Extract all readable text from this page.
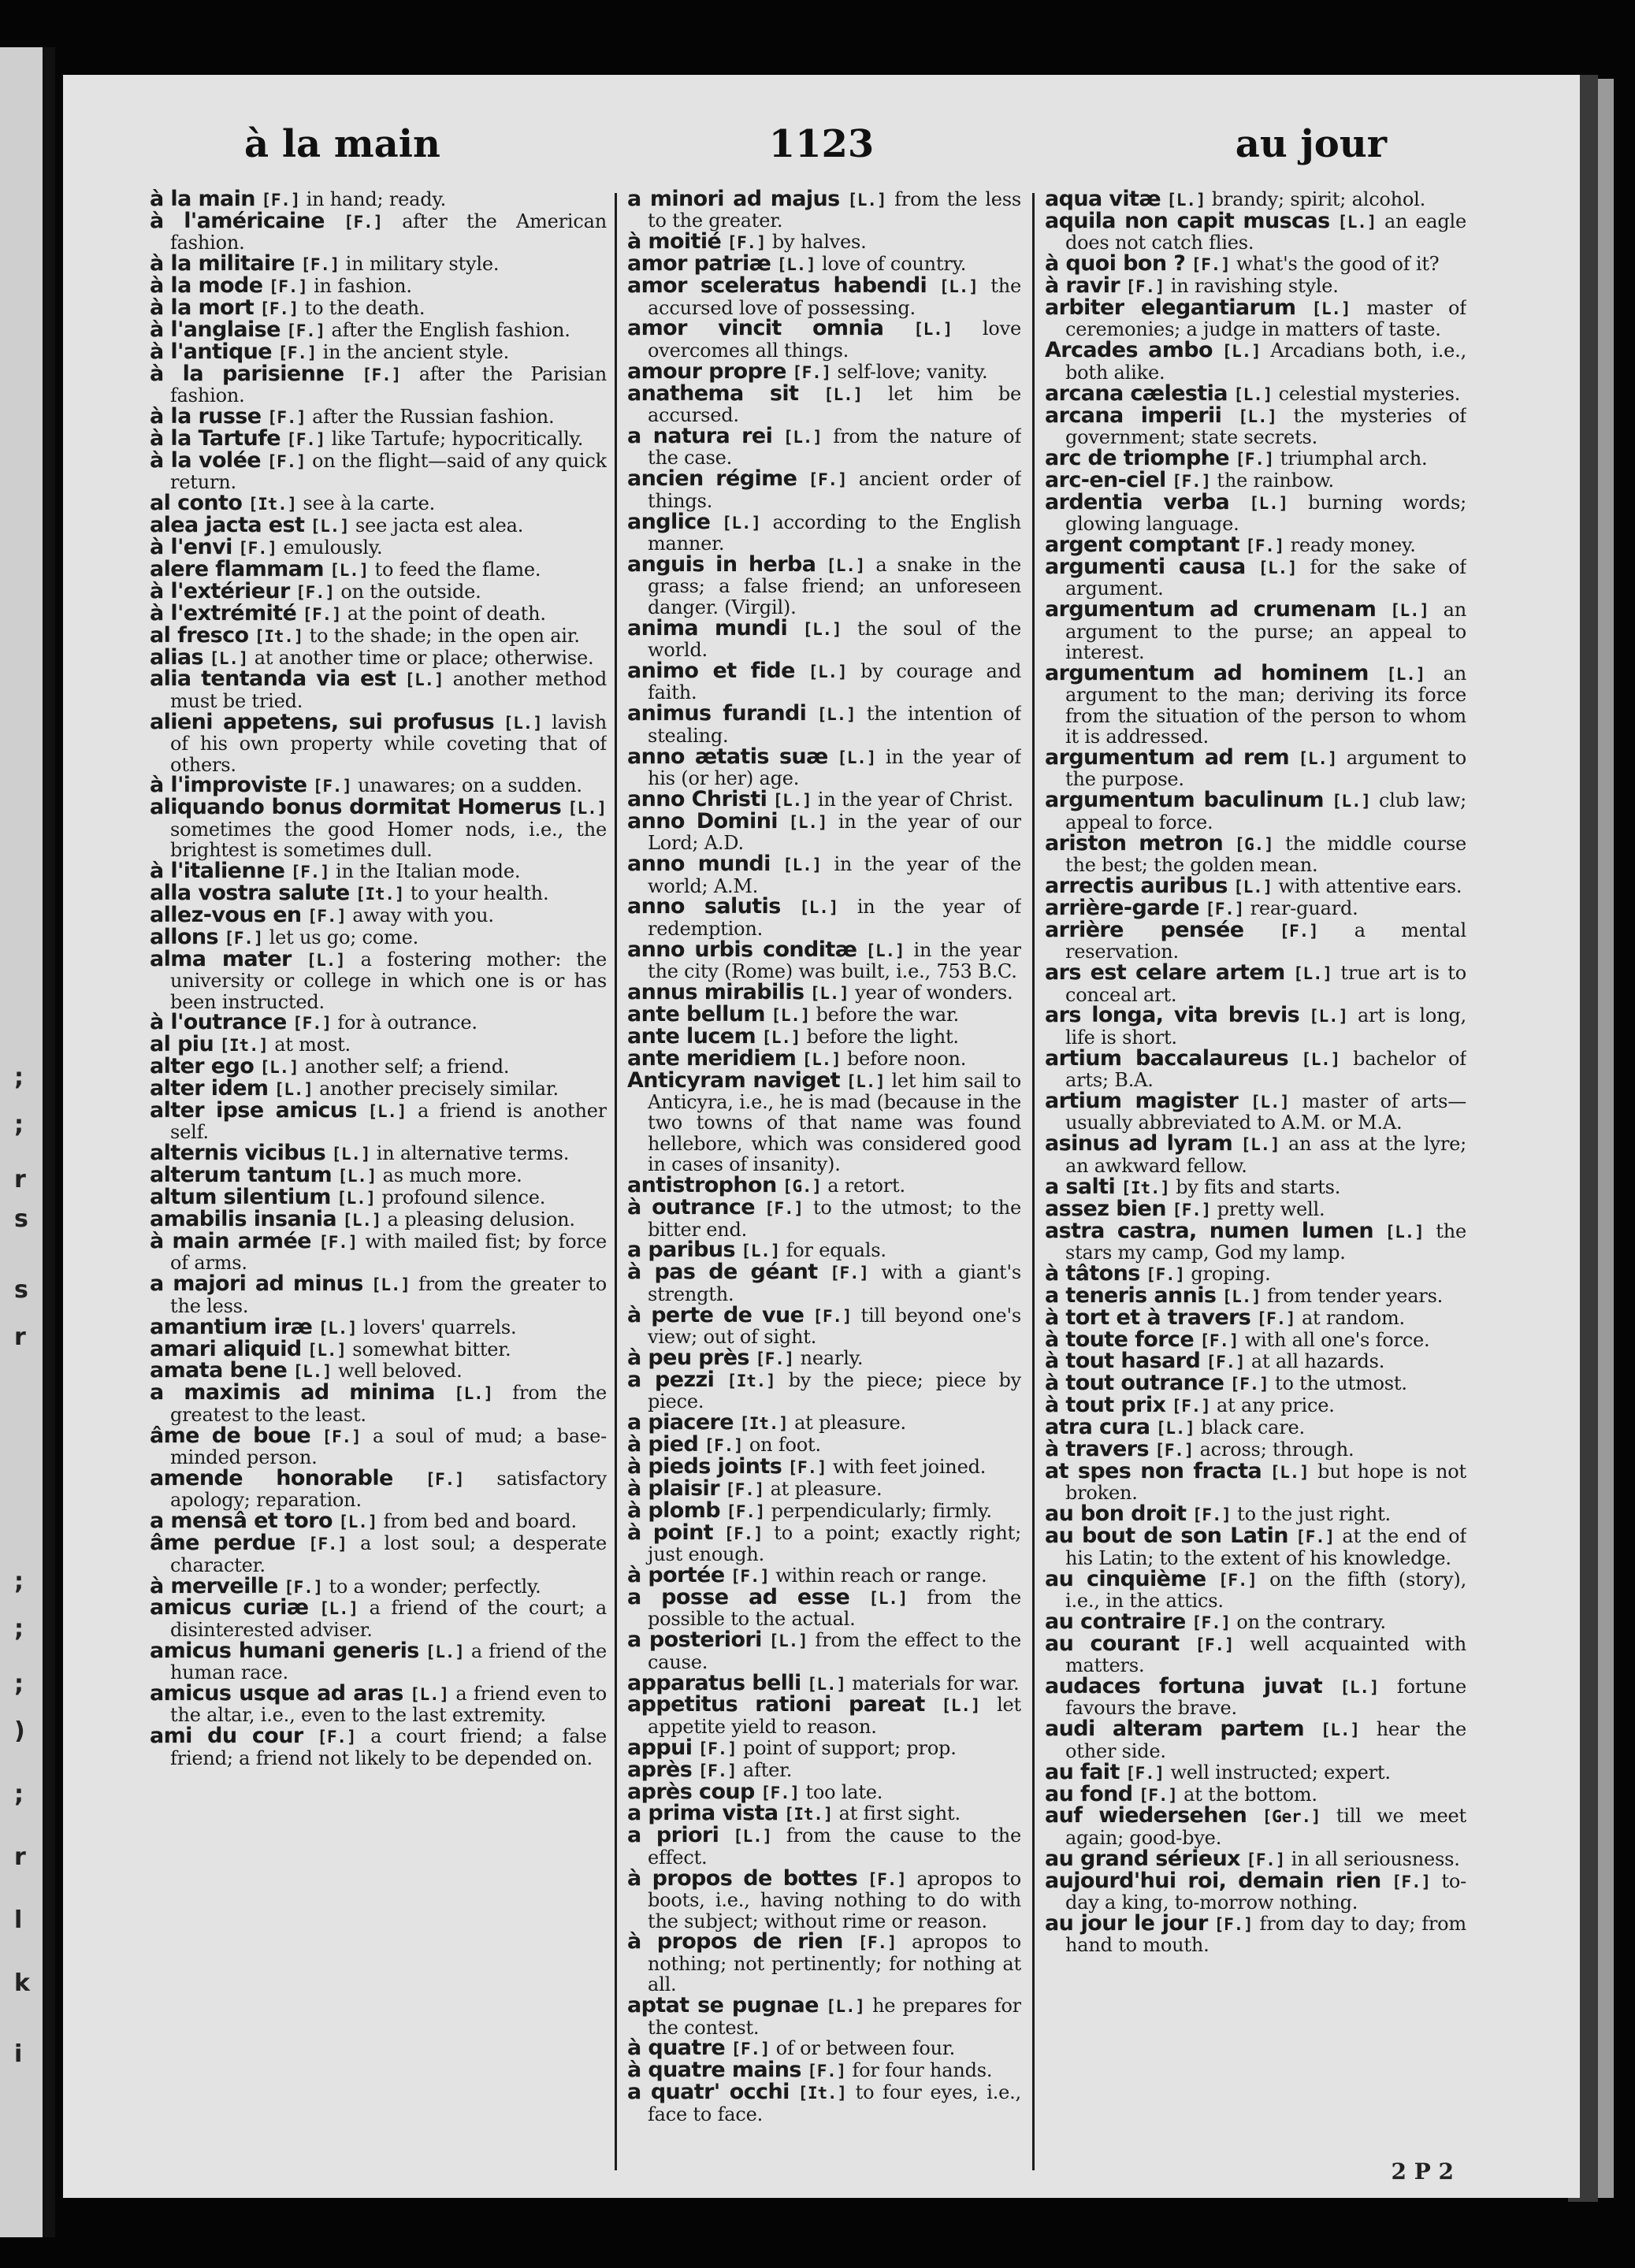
;
;
r
s
s
r
;
;
;
)
;
r
l
k
i
à la main	1123	au jour
à la main [F.] in hand; ready.
à l'américaine [F.] after the American fashion.
à la militaire [F.] in military style.
à la mode [F.] in fashion.
à la mort [F.] to the death.
à l'anglaise [F.] after the English fashion.
à l'antique [F.] in the ancient style.
à la parisienne [F.] after the Parisian fashion.
à la russe [F.] after the Russian fashion.
à la Tartufe [F.] like Tartufe; hypocritically.
à la volée [F.] on the flight—said of any quick return.
al conto [It.] see à la carte.
alea jacta est [L.] see jacta est alea.
à l'envi [F.] emulously.
alere flammam [L.] to feed the flame.
à l'extérieur [F.] on the outside.
à l'extrémité [F.] at the point of death.
al fresco [It.] to the shade; in the open air.
alias [L.] at another time or place; otherwise.
alia tentanda via est [L.] another method must be tried.
alieni appetens, sui profusus [L.] lavish of his own property while coveting that of others.
à l'improviste [F.] unawares; on a sudden.
aliquando bonus dormitat Homerus [L.] sometimes the good Homer nods, i.e., the brightest is sometimes dull.
à l'italienne [F.] in the Italian mode.
alla vostra salute [It.] to your health.
allez-vous en [F.] away with you.
allons [F.] let us go; come.
alma mater [L.] a fostering mother: the university or college in which one is or has been instructed.
à l'outrance [F.] for à outrance.
al piu [It.] at most.
alter ego [L.] another self; a friend.
alter idem [L.] another precisely similar.
alter ipse amicus [L.] a friend is another self.
alternis vicibus [L.] in alternative terms.
alterum tantum [L.] as much more.
altum silentium [L.] profound silence.
amabilis insania [L.] a pleasing delusion.
à main armée [F.] with mailed fist; by force of arms.
a majori ad minus [L.] from the greater to the less.
amantium iræ [L.] lovers' quarrels.
amari aliquid [L.] somewhat bitter.
amata bene [L.] well beloved.
a maximis ad minima [L.] from the greatest to the least.
âme de boue [F.] a soul of mud; a base-minded person.
amende honorable [F.] satisfactory apology; reparation.
a mensâ et toro [L.] from bed and board.
âme perdue [F.] a lost soul; a desperate character.
à merveille [F.] to a wonder; perfectly.
amicus curiæ [L.] a friend of the court; a disinterested adviser.
amicus humani generis [L.] a friend of the human race.
amicus usque ad aras [L.] a friend even to the altar, i.e., even to the last extremity.
ami du cour [F.] a court friend; a false friend; a friend not likely to be depended on.
a minori ad majus [L.] from the less to the greater.
à moitié [F.] by halves.
amor patriæ [L.] love of country.
amor sceleratus habendi [L.] the accursed love of possessing.
amor vincit omnia [L.] love overcomes all things.
amour propre [F.] self-love; vanity.
anathema sit [L.] let him be accursed.
a natura rei [L.] from the nature of the case.
ancien régime [F.] ancient order of things.
anglice [L.] according to the English manner.
anguis in herba [L.] a snake in the grass; a false friend; an unforeseen danger. (Virgil).
anima mundi [L.] the soul of the world.
animo et fide [L.] by courage and faith.
animus furandi [L.] the intention of stealing.
anno ætatis suæ [L.] in the year of his (or her) age.
anno Christi [L.] in the year of Christ.
anno Domini [L.] in the year of our Lord; A.D.
anno mundi [L.] in the year of the world; A.M.
anno salutis [L.] in the year of redemption.
anno urbis conditæ [L.] in the year the city (Rome) was built, i.e., 753 B.C.
annus mirabilis [L.] year of wonders.
ante bellum [L.] before the war.
ante lucem [L.] before the light.
ante meridiem [L.] before noon.
Anticyram naviget [L.] let him sail to Anticyra, i.e., he is mad (because in the two towns of that name was found hellebore, which was considered good in cases of insanity).
antistrophon [G.] a retort.
à outrance [F.] to the utmost; to the bitter end.
a paribus [L.] for equals.
à pas de géant [F.] with a giant's strength.
à perte de vue [F.] till beyond one's view; out of sight.
à peu près [F.] nearly.
a pezzi [It.] by the piece; piece by piece.
a piacere [It.] at pleasure.
à pied [F.] on foot.
à pieds joints [F.] with feet joined.
à plaisir [F.] at pleasure.
à plomb [F.] perpendicularly; firmly.
à point [F.] to a point; exactly right; just enough.
à portée [F.] within reach or range.
a posse ad esse [L.] from the possible to the actual.
a posteriori [L.] from the effect to the cause.
apparatus belli [L.] materials for war.
appetitus rationi pareat [L.] let appetite yield to reason.
appui [F.] point of support; prop.
après [F.] after.
après coup [F.] too late.
a prima vista [It.] at first sight.
a priori [L.] from the cause to the effect.
à propos de bottes [F.] apropos to boots, i.e., having nothing to do with the subject; without rime or reason.
à propos de rien [F.] apropos to nothing; not pertinently; for nothing at all.
aptat se pugnae [L.] he prepares for the contest.
à quatre [F.] of or between four.
à quatre mains [F.] for four hands.
a quatr' occhi [It.] to four eyes, i.e., face to face.
aqua vitæ [L.] brandy; spirit; alcohol.
aquila non capit muscas [L.] an eagle does not catch flies.
à quoi bon ? [F.] what's the good of it?
à ravir [F.] in ravishing style.
arbiter elegantiarum [L.] master of ceremonies; a judge in matters of taste.
Arcades ambo [L.] Arcadians both, i.e., both alike.
arcana cælestia [L.] celestial mysteries.
arcana imperii [L.] the mysteries of government; state secrets.
arc de triomphe [F.] triumphal arch.
arc-en-ciel [F.] the rainbow.
ardentia verba [L.] burning words; glowing language.
argent comptant [F.] ready money.
argumenti causa [L.] for the sake of argument.
argumentum ad crumenam [L.] an argument to the purse; an appeal to interest.
argumentum ad hominem [L.] an argument to the man; deriving its force from the situation of the person to whom it is addressed.
argumentum ad rem [L.] argument to the purpose.
argumentum baculinum [L.] club law; appeal to force.
ariston metron [G.] the middle course the best; the golden mean.
arrectis auribus [L.] with attentive ears.
arrière-garde [F.] rear-guard.
arrière pensée [F.] a mental reservation.
ars est celare artem [L.] true art is to conceal art.
ars longa, vita brevis [L.] art is long, life is short.
artium baccalaureus [L.] bachelor of arts; B.A.
artium magister [L.] master of arts—usually abbreviated to A.M. or M.A.
asinus ad lyram [L.] an ass at the lyre; an awkward fellow.
a salti [It.] by fits and starts.
assez bien [F.] pretty well.
astra castra, numen lumen [L.] the stars my camp, God my lamp.
à tâtons [F.] groping.
a teneris annis [L.] from tender years.
à tort et à travers [F.] at random.
à toute force [F.] with all one's force.
à tout hasard [F.] at all hazards.
à tout outrance [F.] to the utmost.
à tout prix [F.] at any price.
atra cura [L.] black care.
à travers [F.] across; through.
at spes non fracta [L.] but hope is not broken.
au bon droit [F.] to the just right.
au bout de son Latin [F.] at the end of his Latin; to the extent of his knowledge.
au cinquième [F.] on the fifth (story), i.e., in the attics.
au contraire [F.] on the contrary.
au courant [F.] well acquainted with matters.
audaces fortuna juvat [L.] fortune favours the brave.
audi alteram partem [L.] hear the other side.
au fait [F.] well instructed; expert.
au fond [F.] at the bottom.
auf wiedersehen [Ger.] till we meet again; good-bye.
au grand sérieux [F.] in all seriousness.
aujourd'hui roi, demain rien [F.] to-day a king, to-morrow nothing.
au jour le jour [F.] from day to day; from hand to mouth.
2 P 2
